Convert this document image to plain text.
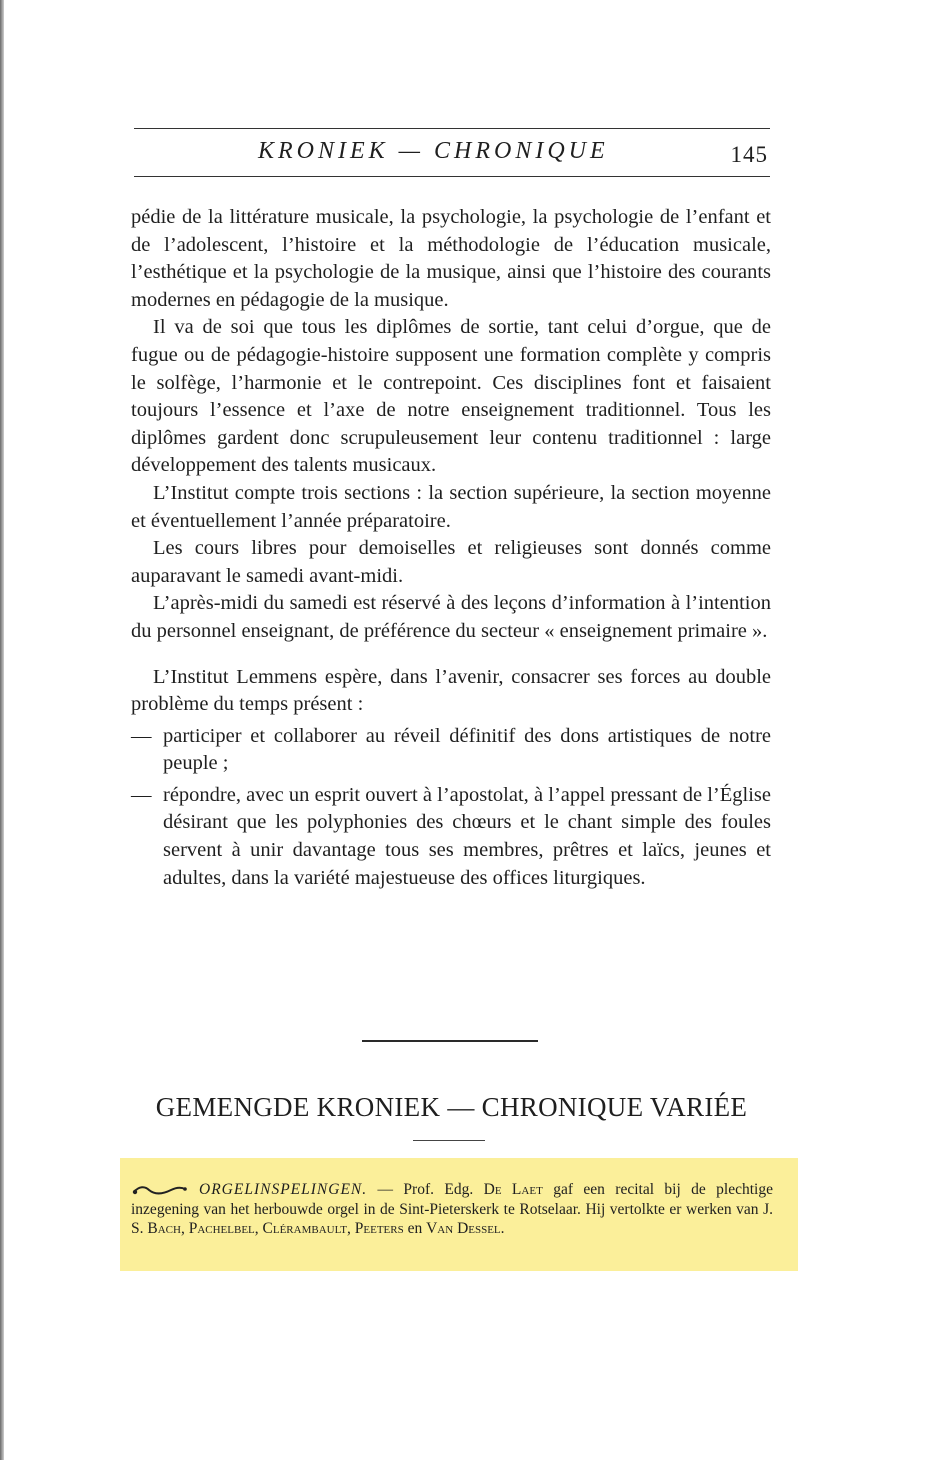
KRONIEK — CHRONIQUE	145

pédie de la littérature musicale, la psychologie, la psychologie de l’enfant et de l’adolescent, l’histoire et la méthodologie de l’éducation musicale, l’esthétique et la psychologie de la musique, ainsi que l’histoire des courants modernes en pédagogie de la musique.

Il va de soi que tous les diplômes de sortie, tant celui d’orgue, que de fugue ou de pédagogie-histoire supposent une formation complète y compris le solfège, l’harmonie et le contrepoint. Ces disciplines font et faisaient toujours l’essence et l’axe de notre enseignement traditionnel. Tous les diplômes gardent donc scrupuleusement leur contenu traditionnel : large développement des talents musicaux.

L’Institut compte trois sections : la section supérieure, la section moyenne et éventuellement l’année préparatoire.

Les cours libres pour demoiselles et religieuses sont donnés comme auparavant le samedi avant-midi.

L’après-midi du samedi est réservé à des leçons d’information à l’intention du personnel enseignant, de préférence du secteur « enseignement primaire ».

L’Institut Lemmens espère, dans l’avenir, consacrer ses forces au double problème du temps présent :

— participer et collaborer au réveil définitif des dons artistiques de notre peuple ;
— répondre, avec un esprit ouvert à l’apostolat, à l’appel pressant de l’Église désirant que les polyphonies des chœurs et le chant simple des foules servent à unir davantage tous ses membres, prêtres et laïcs, jeunes et adultes, dans la variété majestueuse des offices liturgiques.
GEMENGDE KRONIEK — CHRONIQUE VARIÉE
ORGELINSPELINGEN. — Prof. Edg. De Laet gaf een recital bij de plechtige inzegening van het herbouwde orgel in de Sint-Pieterskerk te Rotselaar. Hij vertolkte er werken van J. S. Bach, Pachelbel, Clérambault, Peeters en Van Dessel.
